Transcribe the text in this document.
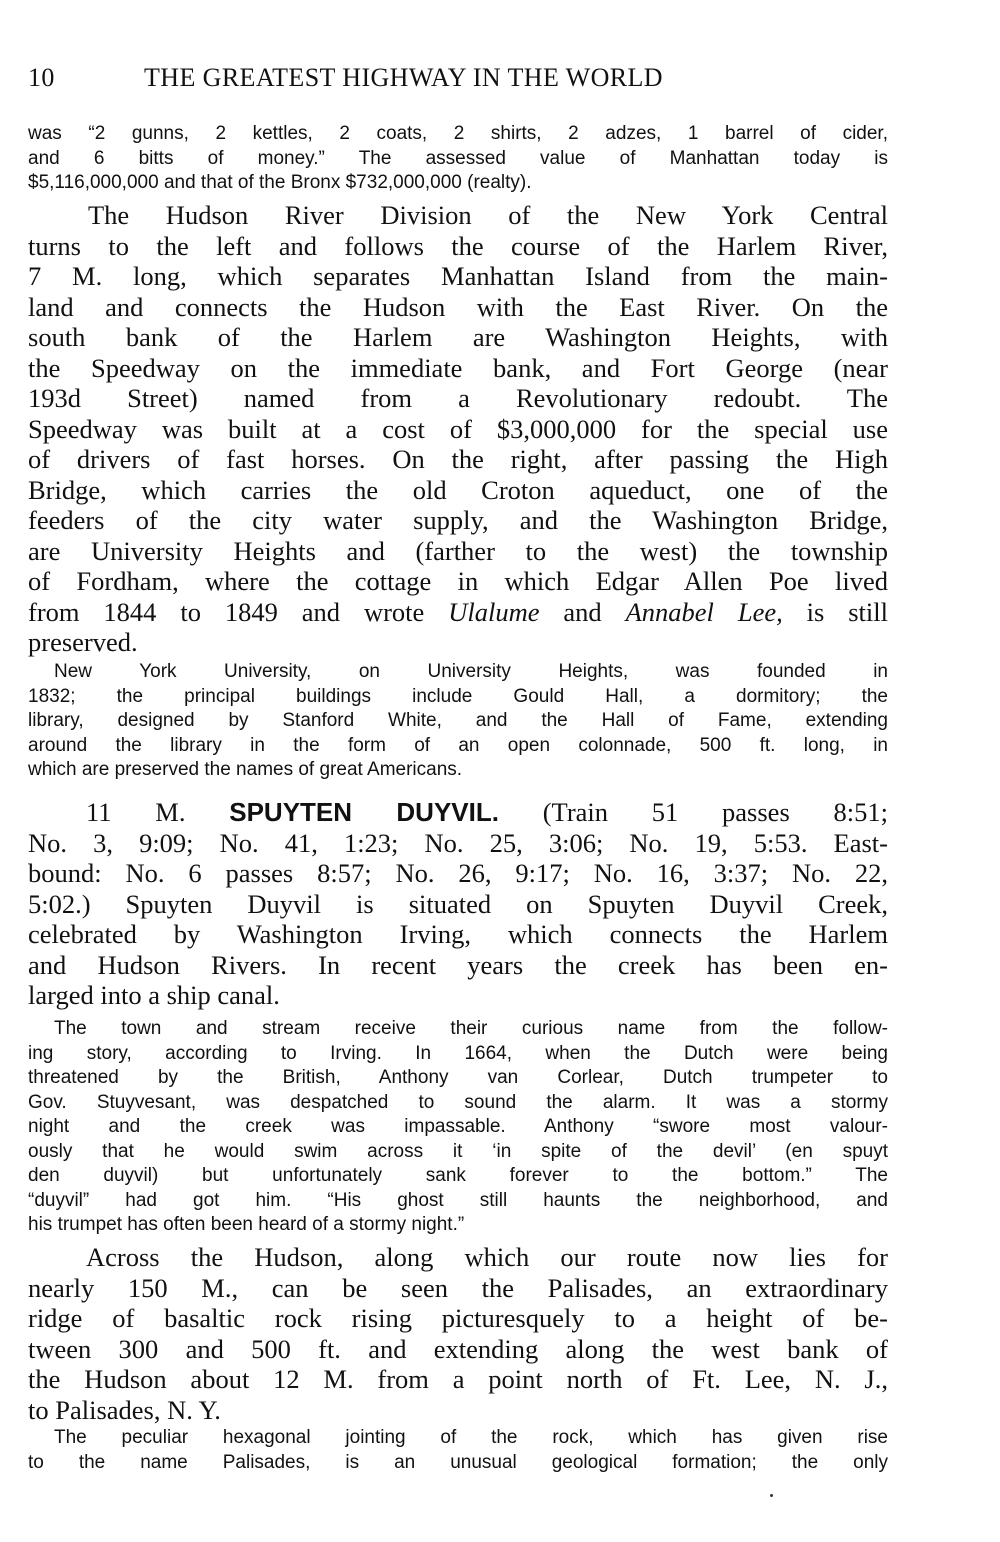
10	THE GREATEST HIGHWAY IN THE WORLD
was “2 gunns, 2 kettles, 2 coats, 2 shirts, 2 adzes, 1 barrel of cider,
and 6 bitts of money.” The assessed value of Manhattan today is
$5,116,000,000 and that of the Bronx $732,000,000 (realty).
The Hudson River Division of the New York Central
turns to the left and follows the course of the Harlem River,
7 M. long, which separates Manhattan Island from the main-
land and connects the Hudson with the East River. On the
south bank of the Harlem are Washington Heights, with
the Speedway on the immediate bank, and Fort George (near
193d Street) named from a Revolutionary redoubt. The
Speedway was built at a cost of $3,000,000 for the special use
of drivers of fast horses. On the right, after passing the High
Bridge, which carries the old Croton aqueduct, one of the
feeders of the city water supply, and the Washington Bridge,
are University Heights and (farther to the west) the township
of Fordham, where the cottage in which Edgar Allen Poe lived
from 1844 to 1849 and wrote Ulalume and Annabel Lee, is still
preserved.
New York University, on University Heights, was founded in
1832; the principal buildings include Gould Hall, a dormitory; the
library, designed by Stanford White, and the Hall of Fame, extending
around the library in the form of an open colonnade, 500 ft. long, in
which are preserved the names of great Americans.
11 M. SPUYTEN DUYVIL. (Train 51 passes 8:51;
No. 3, 9:09; No. 41, 1:23; No. 25, 3:06; No. 19, 5:53. East-
bound: No. 6 passes 8:57; No. 26, 9:17; No. 16, 3:37; No. 22,
5:02.) Spuyten Duyvil is situated on Spuyten Duyvil Creek,
celebrated by Washington Irving, which connects the Harlem
and Hudson Rivers. In recent years the creek has been en-
larged into a ship canal.
The town and stream receive their curious name from the follow-
ing story, according to Irving. In 1664, when the Dutch were being
threatened by the British, Anthony van Corlear, Dutch trumpeter to
Gov. Stuyvesant, was despatched to sound the alarm. It was a stormy
night and the creek was impassable. Anthony “swore most valour-
ously that he would swim across it ‘in spite of the devil’ (en spuyt
den duyvil) but unfortunately sank forever to the bottom.” The
“duyvil” had got him. “His ghost still haunts the neighborhood, and
his trumpet has often been heard of a stormy night.”
Across the Hudson, along which our route now lies for
nearly 150 M., can be seen the Palisades, an extraordinary
ridge of basaltic rock rising picturesquely to a height of be-
tween 300 and 500 ft. and extending along the west bank of
the Hudson about 12 M. from a point north of Ft. Lee, N. J.,
to Palisades, N. Y.
The peculiar hexagonal jointing of the rock, which has given rise
to the name Palisades, is an unusual geological formation; the only
